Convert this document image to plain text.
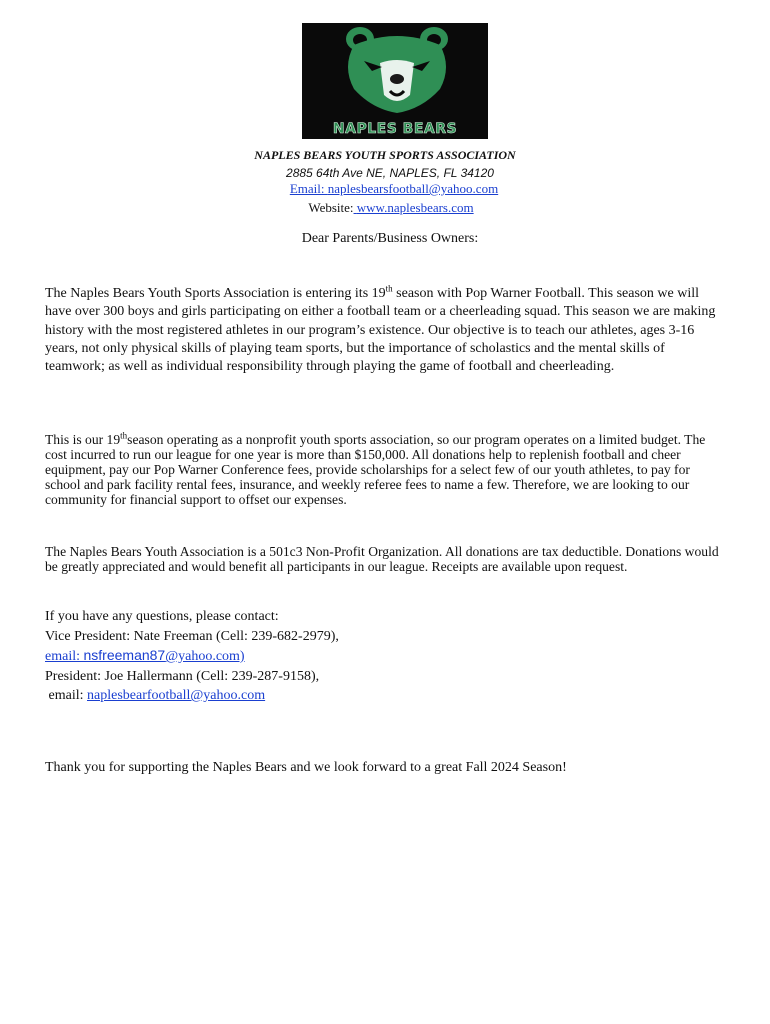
NAPLES BEARS
NAPLES BEARS YOUTH SPORTS ASSOCIATION
2885 64th Ave NE, NAPLES, FL 34120
Email: naplesbearsfootball@yahoo.com
Website: www.naplesbears.com
Dear Parents/Business Owners:

The Naples Bears Youth Sports Association is entering its 19th season with Pop Warner Football. This season we will have over 300 boys and girls participating on either a football team or a cheerleading squad. This season we are making history with the most registered athletes in our program’s existence. Our objective is to teach our athletes, ages 3-16 years, not only physical skills of playing team sports, but the importance of scholastics and the mental skills of teamwork; as well as individual responsibility through playing the game of football and cheerleading.

This is our 19thseason operating as a nonprofit youth sports association, so our program operates on a limited budget. The cost incurred to run our league for one year is more than $150,000. All donations help to replenish football and cheer equipment, pay our Pop Warner Conference fees, provide scholarships for a select few of our youth athletes, to pay for school and park facility rental fees, insurance, and weekly referee fees to name a few. Therefore, we are looking to our community for financial support to offset our expenses.

The Naples Bears Youth Association is a 501c3 Non-Profit Organization. All donations are tax deductible. Donations would be greatly appreciated and would benefit all participants in our league. Receipts are available upon request.

If you have any questions, please contact:
Vice President: Nate Freeman (Cell: 239-682-2979),
email: nsfreeman87@yahoo.com)
President: Joe Hallermann (Cell: 239-287-9158),
email: naplesbearfootball@yahoo.com
Thank you for supporting the Naples Bears and we look forward to a great Fall 2024 Season!
